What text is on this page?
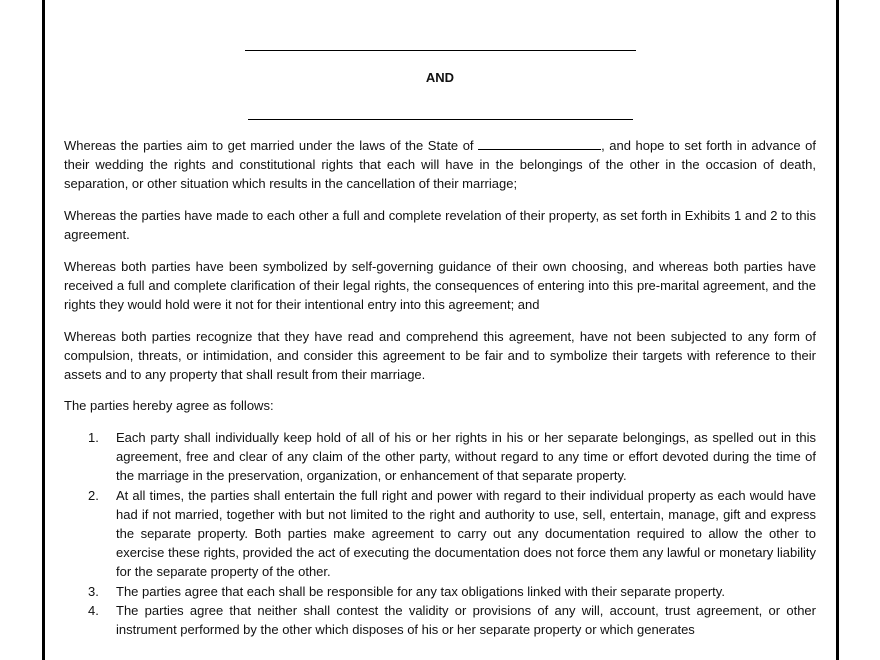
AND

Whereas the parties aim to get married under the laws of the State of	, and hope to set forth in advance of their wedding the rights and constitutional rights that each will have in the belongings of the other in the occasion of death, separation, or other situation which results in the cancellation of their marriage;

Whereas the parties have made to each other a full and complete revelation of their property, as set forth in Exhibits 1 and 2 to this agreement.

Whereas both parties have been symbolized by self-governing guidance of their own choosing, and whereas both parties have received a full and complete clarification of their legal rights, the consequences of entering into this pre-marital agreement, and the rights they would hold were it not for their intentional entry into this agreement; and

Whereas both parties recognize that they have read and comprehend this agreement, have not been subjected to any form of compulsion, threats, or intimidation, and consider this agreement to be fair and to symbolize their targets with reference to their assets and to any property that shall result from their marriage.

The parties hereby agree as follows:

1. Each party shall individually keep hold of all of his or her rights in his or her separate belongings, as spelled out in this agreement, free and clear of any claim of the other party, without regard to any time or effort devoted during the time of the marriage in the preservation, organization, or enhancement of that separate property.
2. At all times, the parties shall entertain the full right and power with regard to their individual property as each would have had if not married, together with but not limited to the right and authority to use, sell, entertain, manage, gift and express the separate property. Both parties make agreement to carry out any documentation required to allow the other to exercise these rights, provided the act of executing the documentation does not force them any lawful or monetary liability for the separate property of the other.
3. The parties agree that each shall be responsible for any tax obligations linked with their separate property.
4. The parties agree that neither shall contest the validity or provisions of any will, account, trust agreement, or other instrument performed by the other which disposes of his or her separate property or which generates
